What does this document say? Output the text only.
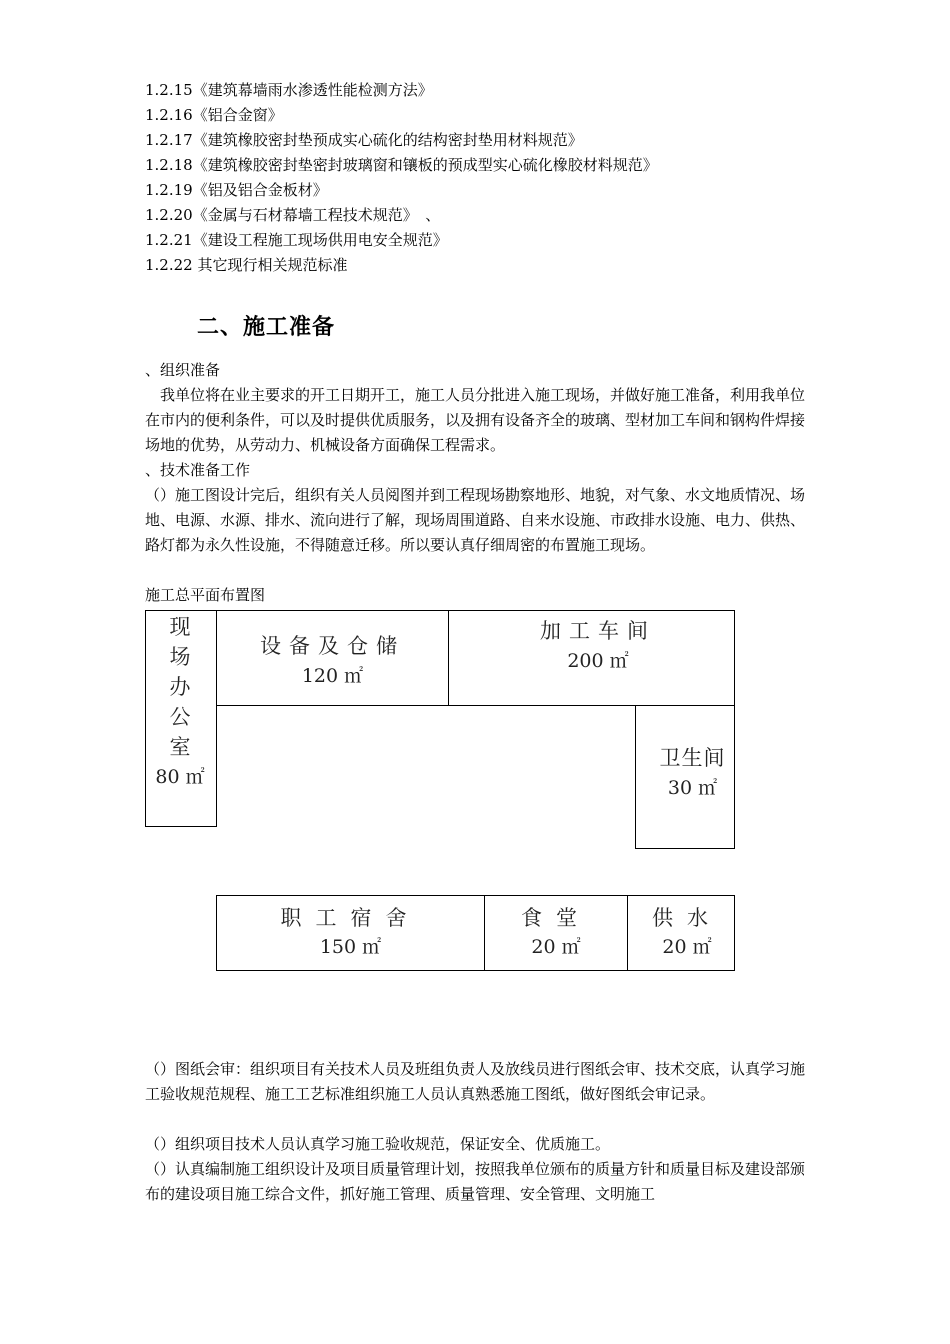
1.2.15《建筑幕墙雨水渗透性能检测方法》
1.2.16《铝合金窗》
1.2.17《建筑橡胶密封垫预成实心硫化的结构密封垫用材料规范》
1.2.18《建筑橡胶密封垫密封玻璃窗和镶板的预成型实心硫化橡胶材料规范》
1.2.19《铝及铝合金板材》
1.2.20《金属与石材幕墙工程技术规范》　、
1.2.21《建设工程施工现场供用电安全规范》
1.2.22 其它现行相关规范标准
二、施工准备
、组织准备
　我单位将在业主要求的开工日期开工，施工人员分批进入施工现场，并做好施工准备，利用我单位在市内的便利条件，可以及时提供优质服务，以及拥有设备齐全的玻璃、型材加工车间和钢构件焊接场地的优势，从劳动力、机械设备方面确保工程需求。
、技术准备工作
（）施工图设计完后，组织有关人员阅图并到工程现场勘察地形、地貌，对气象、水文地质情况、场地、电源、水源、排水、流向进行了解，现场周围道路、自来水设施、市政排水设施、电力、供热、路灯都为永久性设施，不得随意迁移。所以要认真仔细周密的布置施工现场。
施工总平面布置图
现
场
办
公
室
80 ㎡
设备及仓储
120 ㎡
加工车间
200 ㎡
卫生间
30 ㎡
职工宿舍
150 ㎡
食堂
20 ㎡
供水
20 ㎡
（）图纸会审：组织项目有关技术人员及班组负责人及放线员进行图纸会审、技术交底，认真学习施工验收规范规程、施工工艺标准组织施工人员认真熟悉施工图纸，做好图纸会审记录。
（）组织项目技术人员认真学习施工验收规范，保证安全、优质施工。
（）认真编制施工组织设计及项目质量管理计划，按照我单位颁布的质量方针和质量目标及建设部颁布的建设项目施工综合文件，抓好施工管理、质量管理、安全管理、文明施工
